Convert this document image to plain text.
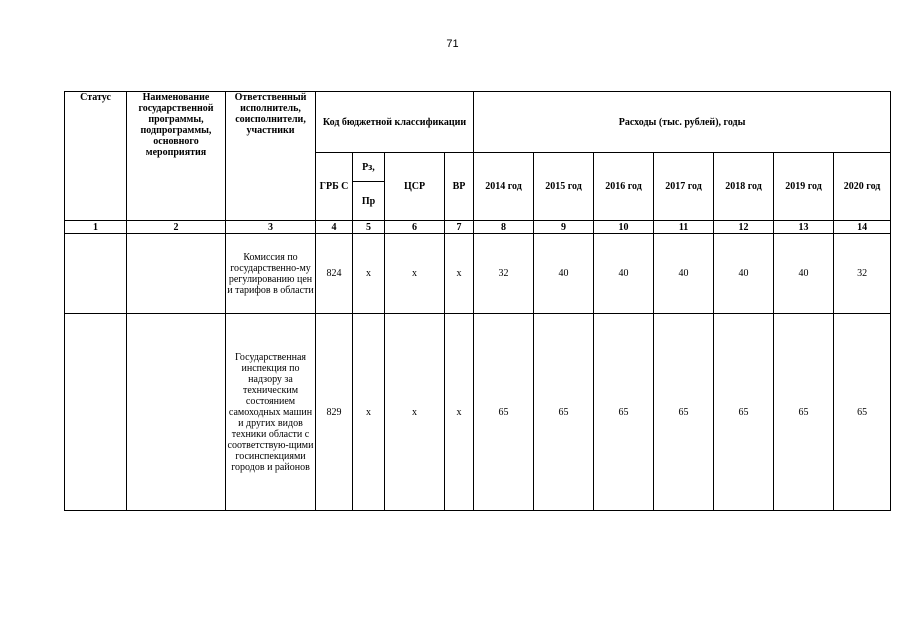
71
Статус	Наименование государственной программы, подпрограммы, основного мероприятия	Ответственный исполнитель, соисполнители, участники	Код бюджетной классификации				Расходы (тыс. рублей), годы						
			ГРБ С	Рз,	ЦСР	ВР	2014 год	2015 год	2016 год	2017 год	2018 год	2019 год	2020 год
				Пр									
1	2	3	4	5	6	7	8	9	10	11	12	13	14
		Комиссия по государственно-му регулированию цен и тарифов в области	824	х	х	х	32	40	40	40	40	40	32
		Государственная инспекция по надзору за техническим состоянием самоходных машин и других видов техники области с соответствую-щими госинспекциями городов и районов	829	х	х	х	65	65	65	65	65	65	65
